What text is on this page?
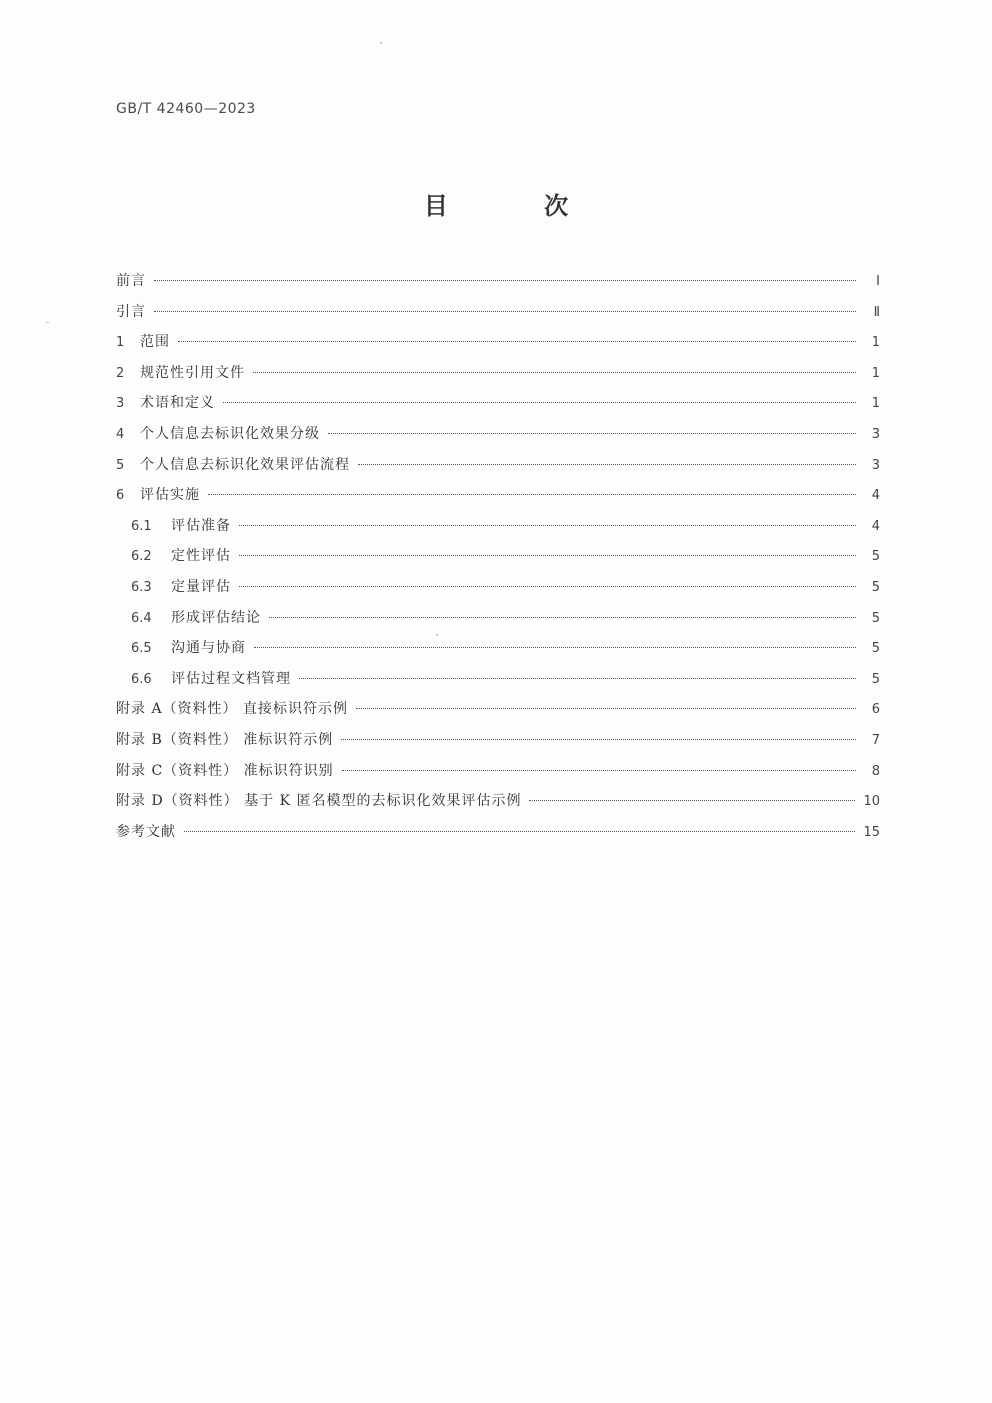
GB/T 42460—2023
目 次
前言	Ⅰ
引言	Ⅱ
1	范围	1
2	规范性引用文件	1
3	术语和定义	1
4	个人信息去标识化效果分级	3
5	个人信息去标识化效果评估流程	3
6	评估实施	4
6.1	评估准备	4
6.2	定性评估	5
6.3	定量评估	5
6.4	形成评估结论	5
6.5	沟通与协商	5
6.6	评估过程文档管理	5
附录 A（资料性） 直接标识符示例	6
附录 B（资料性） 准标识符示例	7
附录 C（资料性） 准标识符识别	8
附录 D（资料性） 基于 K 匿名模型的去标识化效果评估示例	10
参考文献	15
